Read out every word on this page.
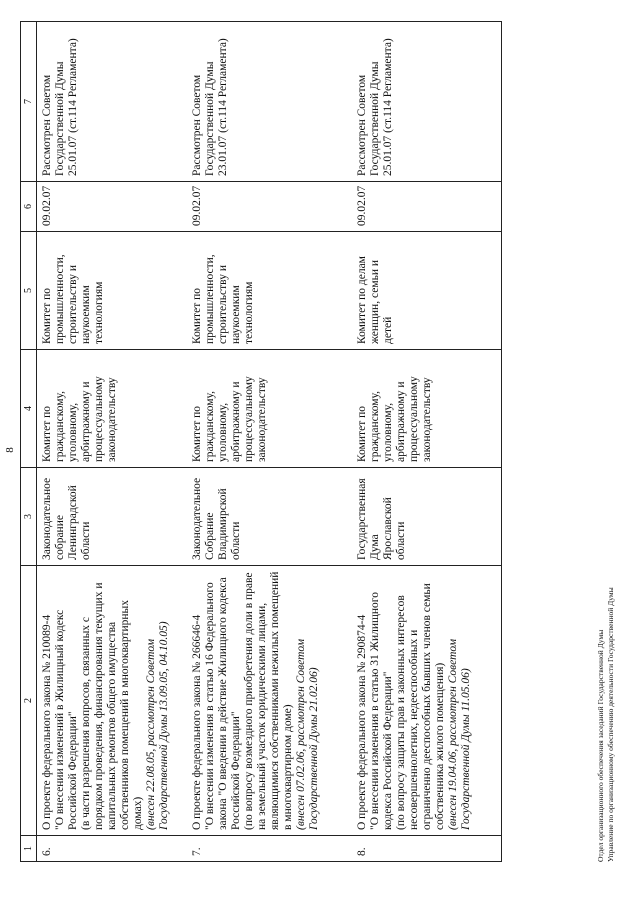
8
1	2	3	4	5	6	7
6.	О проекте федерального закона № 210089-4 "О внесении изменений в Жилищный кодекс Российской Федерации" (в части разрешения вопросов, связанных с порядком проведения, финансирования текущих и капитальных ремонтов общего имущества собственников помещений в многоквартирных домах) (внесен 22.08.05, рассмотрен Советом Государственной Думы 13.09.05, 04.10.05)	Законодательное собрание Ленинградской области	Комитет по гражданскому, уголовному, арбитражному и процессуальному законодательству	Комитет по промышленности, строительству и наукоемким технологиям	09.02.07	Рассмотрен Советом Государственной Думы 25.01.07 (ст.114 Регламента)
7.	О проекте федерального закона № 266646-4 "О внесении изменения в статью 16 Федерального закона "О введении в действие Жилищного кодекса Российской Федерации" (по вопросу возмездного приобретения доли в праве на земельный участок юридическими лицами, являющимися собственниками нежилых помещений в многоквартирном доме) (внесен 07.02.06, рассмотрен Советом Государственной Думы 21.02.06)	Законодательное Собрание Владимирской области	Комитет по гражданскому, уголовному, арбитражному и процессуальному законодательству	Комитет по промышленности, строительству и наукоемким технологиям	09.02.07	Рассмотрен Советом Государственной Думы 23.01.07 (ст.114 Регламента)
8.	О проекте федерального закона № 290874-4 "О внесении изменения в статью 31 Жилищного кодекса Российской Федерации" (по вопросу защиты прав и законных интересов несовершеннолетних, недееспособных и ограниченно дееспособных бывших членов семьи собственника жилого помещения) (внесен 19.04.06, рассмотрен Советом Государственной Думы 11.05.06)	Государственная Дума Ярославской области	Комитет по гражданскому, уголовному, арбитражному и процессуальному законодательству	Комитет по делам женщин, семьи и детей	09.02.07	Рассмотрен Советом Государственной Думы 25.01.07 (ст.114 Регламента)
Отдел организационного обеспечения заседаний Государственной Думы Управление по организационному обеспечению деятельности Государственной Думы
